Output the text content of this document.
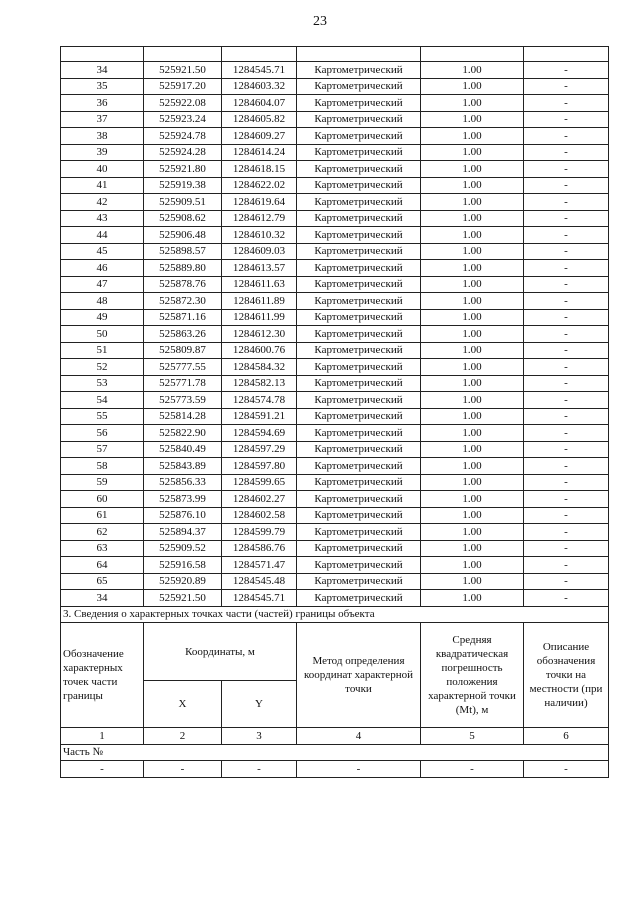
23

34	525921.50	1284545.71	Картометрический	1.00	-
35	525917.20	1284603.32	Картометрический	1.00	-
36	525922.08	1284604.07	Картометрический	1.00	-
37	525923.24	1284605.82	Картометрический	1.00	-
38	525924.78	1284609.27	Картометрический	1.00	-
39	525924.28	1284614.24	Картометрический	1.00	-
40	525921.80	1284618.15	Картометрический	1.00	-
41	525919.38	1284622.02	Картометрический	1.00	-
42	525909.51	1284619.64	Картометрический	1.00	-
43	525908.62	1284612.79	Картометрический	1.00	-
44	525906.48	1284610.32	Картометрический	1.00	-
45	525898.57	1284609.03	Картометрический	1.00	-
46	525889.80	1284613.57	Картометрический	1.00	-
47	525878.76	1284611.63	Картометрический	1.00	-
48	525872.30	1284611.89	Картометрический	1.00	-
49	525871.16	1284611.99	Картометрический	1.00	-
50	525863.26	1284612.30	Картометрический	1.00	-
51	525809.87	1284600.76	Картометрический	1.00	-
52	525777.55	1284584.32	Картометрический	1.00	-
53	525771.78	1284582.13	Картометрический	1.00	-
54	525773.59	1284574.78	Картометрический	1.00	-
55	525814.28	1284591.21	Картометрический	1.00	-
56	525822.90	1284594.69	Картометрический	1.00	-
57	525840.49	1284597.29	Картометрический	1.00	-
58	525843.89	1284597.80	Картометрический	1.00	-
59	525856.33	1284599.65	Картометрический	1.00	-
60	525873.99	1284602.27	Картометрический	1.00	-
61	525876.10	1284602.58	Картометрический	1.00	-
62	525894.37	1284599.79	Картометрический	1.00	-
63	525909.52	1284586.76	Картометрический	1.00	-
64	525916.58	1284571.47	Картометрический	1.00	-
65	525920.89	1284545.48	Картометрический	1.00	-
34	525921.50	1284545.71	Картометрический	1.00	-
3. Сведения о характерных точках части (частей) границы объекта					
Обозначение характерных точек части границы	Координаты, м		Метод определения координат характерной точки	Средняя квадратическая погрешность положения характерной точки (Mt), м	Описание обозначения точки на местности (при наличии)
	X	Y			
1	2	3	4	5	6
Часть №					
-	-	-	-	-	-
